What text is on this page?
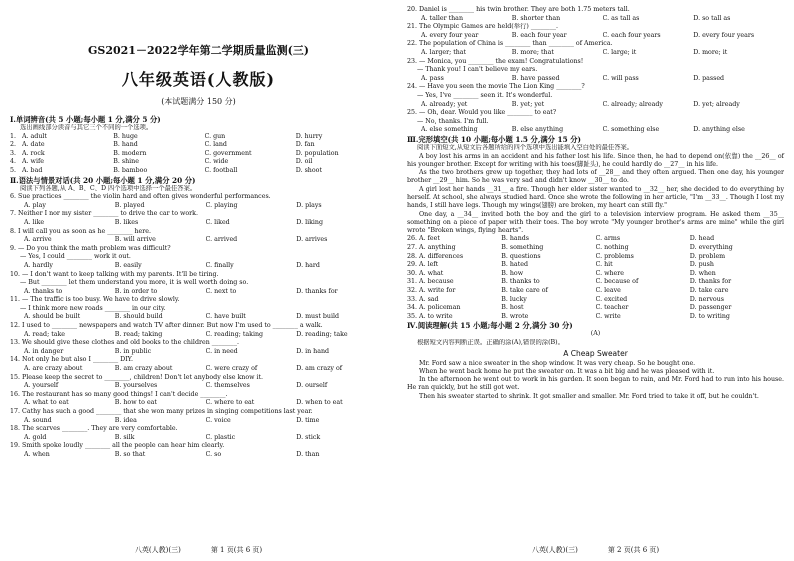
GS2021－2022学年第二学期质量监测(三)
八年级英语(人教版)
(本试题满分 150 分)
Ⅰ.单词辨音(共 5 小题;每小题 1 分,满分 5 分)
选出画线部分读音与其它三个不同的一个选项。
1. A. adult	B. huge	C. gun	D. hurry
2. A. date	B. hand	C. land	D. fan
3. A. rock	B. modern	C. government	D. population
4. A. wife	B. shine	C. wide	D. oil
5. A. bad	B. bamboo	C. football	D. shoot
Ⅱ.语法与情景对话(共 20 小题;每小题 1 分,满分 20 分)
阅读下列各题,从 A、B、C、D 四个选项中选择一个最佳答案。
6. Sue practices ________ the violin hard and often gives wonderful performances.
A. play	B. played	C. playing	D. plays
7. Neither I nor my sister ________ to drive the car to work.
A. like	B. likes	C. liked	D. liking
8. I will call you as soon as he ________ here.
A. arrive	B. will arrive	C. arrived	D. arrives
9. — Do you think the math problem was difficult?
— Yes, I could ________ work it out.
A. hardly	B. easily	C. finally	D. hard
10. — I don't want to keep talking with my parents. It'll be tiring.
— But ________ let them understand you more, it is well worth doing so.
A. thanks to	B. in order to	C. next to	D. thanks for
11. — The traffic is too busy. We have to drive slowly.
— I think more new roads ________ in our city.
A. should be built	B. should build	C. have built	D. must build
12. I used to ________ newspapers and watch TV after dinner. But now I'm used to ________ a walk.
A. read; take	B. read; taking	C. reading; taking	D. reading; take
13. We should give these clothes and old books to the children ________.
A. in danger	B. in public	C. in need	D. in hand
14. Not only he but also I ________ DIY.
A. are crazy about	B. am crazy about	C. were crazy of	D. am crazy of
15. Please keep the secret to ________, children! Don't let anybody else know it.
A. yourself	B. yourselves	C. themselves	D. ourself
16. The restaurant has so many good things! I can't decide ________.
A. what to eat	B. how to eat	C. where to eat	D. when to eat
17. Cathy has such a good ________ that she won many prizes in singing competitions last year.
A. sound	B. idea	C. voice	D. time
18. The scarves ________. They are very comfortable.
A. gold	B. silk	C. plastic	D. stick
19. Smith spoke loudly ________ all the people can hear him clearly.
A. when	B. so that	C. so	D. than
八英(人教)(三)	第 1 页(共 6 页)
20. Daniel is ________ his twin brother. They are both 1.75 meters tall.
A. taller than	B. shorter than	C. as tall as	D. so tall as
21. The Olympic Games are held(举行) ________.
A. every four year	B. each four year	C. each four years	D. every four years
22. The population of China is ________ than ________ of America.
A. larger; that	B. more; that	C. large; it	D. more; it
23. — Monica, you ________ the exam! Congratulations!
— Thank you! I can't believe my ears.
A. pass	B. have passed	C. will pass	D. passed
24. — Have you seen the movie The Lion King ________?
— Yes, I've ________ seen it. It's wonderful.
A. already; yet	B. yet; yet	C. already; already	D. yet; already
25. — Oh, dear. Would you like ________ to eat?
— No, thanks. I'm full.
A. else something	B. else anything	C. something else	D. anything else
Ⅲ.完形填空(共 10 小题;每小题 1.5 分,满分 15 分)
阅读下面短文,从短文后各题所给的四个选项中选出能填入空白处的最佳答案。
A boy lost his arms in an accident and his father lost his life. Since then, he had to depend on(依靠) the __26__ of his younger brother. Except for writing with his toes(脚趾头), he could hardly do __27__ in his life.
As the two brothers grew up together, they had lots of __28__ and they often argued. Then one day, his younger brother __29__ him. So he was very sad and didn't know __30__ to do.
A girl lost her hands __31__ a fire. Though her elder sister wanted to __32__ her, she decided to do everything by herself. At school, she always studied hard. Once she wrote the following in her article, "I'm __33__. Though I lost my hands, I still have legs. Though my wings(翅膀) are broken, my heart can still fly."
One day, a __34__ invited both the boy and the girl to a television interview program. He asked them __35__ something on a piece of paper with their toes. The boy wrote "My younger brother's arms are mine" while the girl wrote "Broken wings, flying hearts".
26. A. feet	B. hands	C. arms	D. head
27. A. anything	B. something	C. nothing	D. everything
28. A. differences	B. questions	C. problems	D. problem
29. A. left	B. hated	C. hit	D. push
30. A. what	B. how	C. where	D. when
31. A. because	B. thanks to	C. because of	D. thanks for
32. A. write for	B. take care of	C. leave	D. take care
33. A. sad	B. lucky	C. excited	D. nervous
34. A. policeman	B. host	C. teacher	D. passenger
35. A. to write	B. wrote	C. write	D. to writing
Ⅳ.阅读理解(共 15 小题;每小题 2 分,满分 30 分)
(A)
根据短文内容判断正误。正确的涂(A),错误的涂(B)。
A Cheap Sweater
Mr. Ford saw a nice sweater in the shop window. It was very cheap. So he bought one.
When he went back home he put the sweater on. It was a bit big and he was pleased with it.
In the afternoon he went out to work in his garden. It soon began to rain, and Mr. Ford had to run into his house. He ran quickly, but he still got wet.
Then his sweater started to shrink. It got smaller and smaller. Mr. Ford tried to take it off, but he couldn't.
八英(人教)(三)	第 2 页(共 6 页)
